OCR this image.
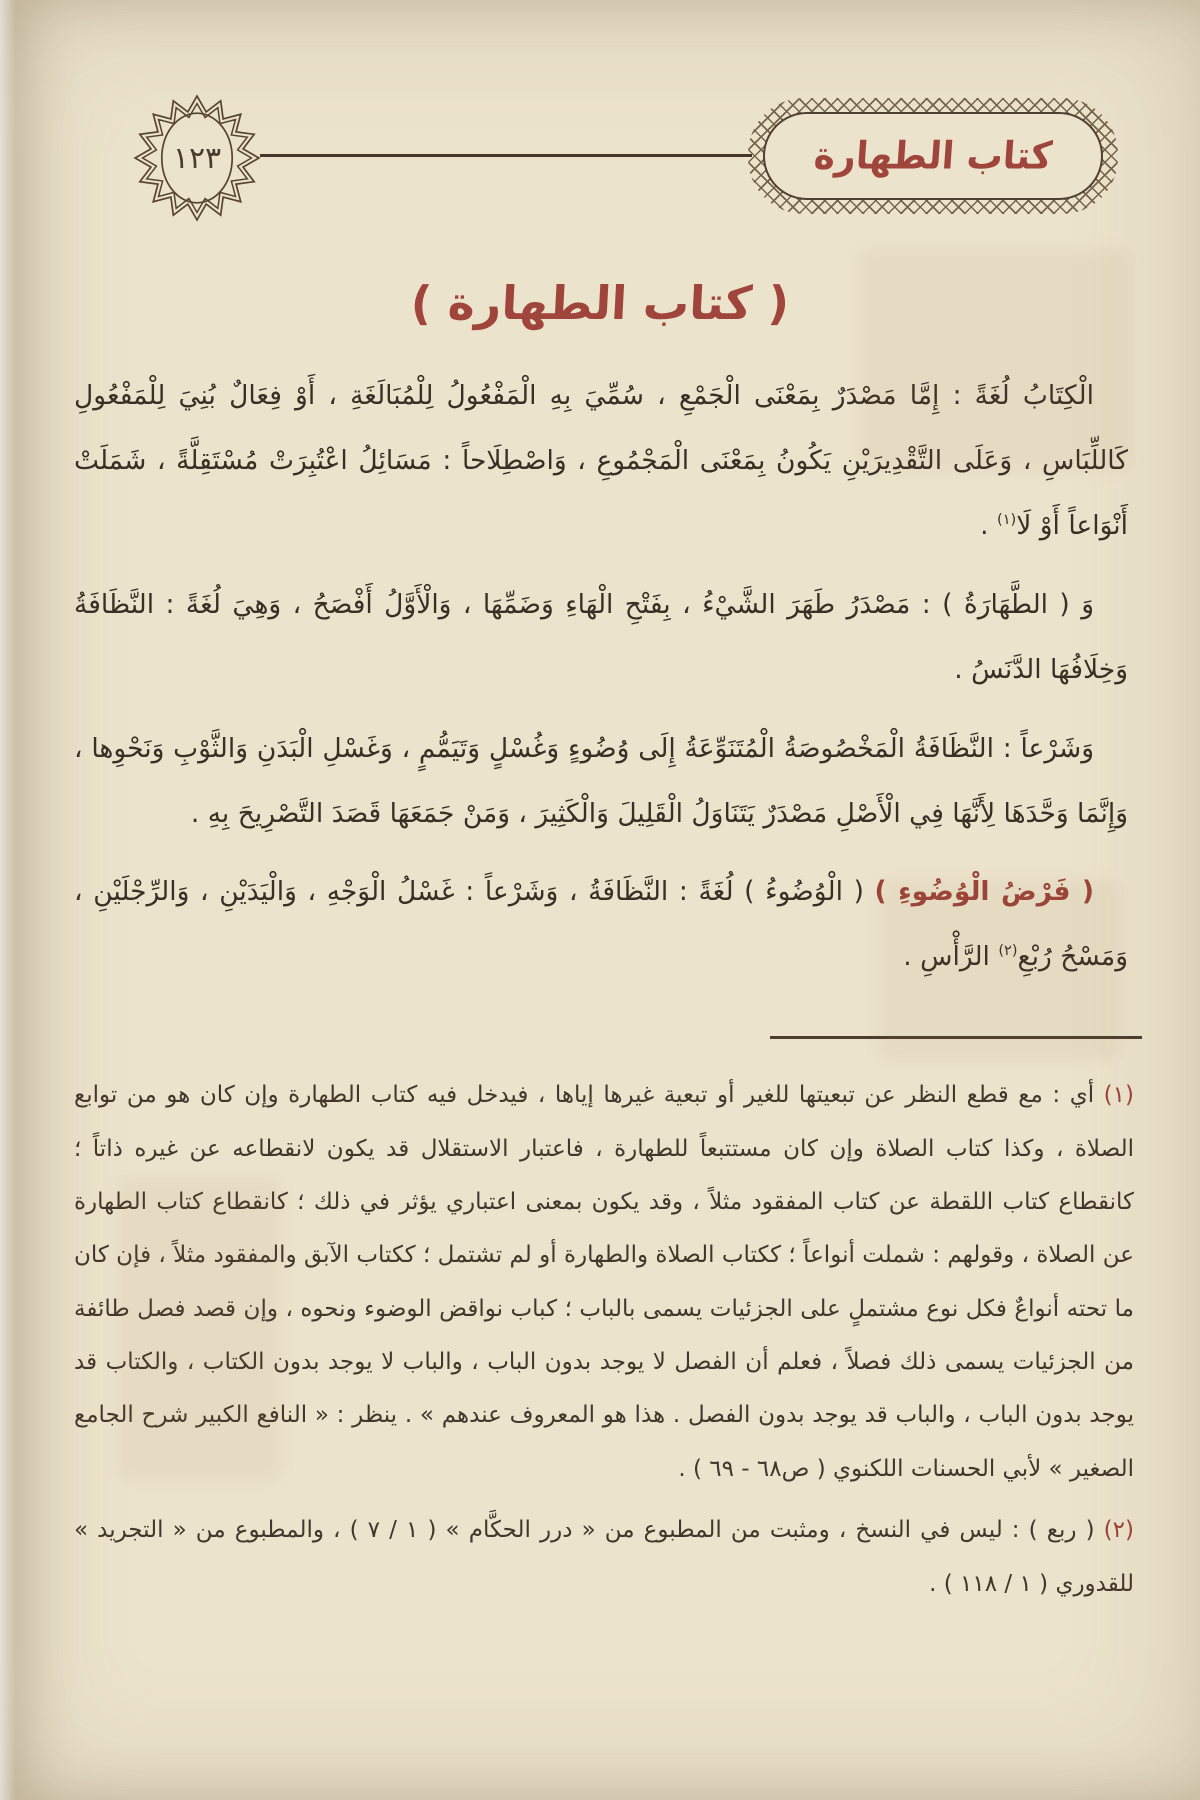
١٢٣	كتاب الطهارة
( كتاب الطهارة )

الْكِتَابُ لُغَةً : إِمَّا مَصْدَرٌ بِمَعْنَى الْجَمْعِ ، سُمِّيَ بِهِ الْمَفْعُولُ لِلْمُبَالَغَةِ ، أَوْ فِعَالٌ بُنِيَ لِلْمَفْعُولِ كَاللِّبَاسِ ، وَعَلَى التَّقْدِيرَيْنِ يَكُونُ بِمَعْنَى الْمَجْمُوعِ ، وَاصْطِلَاحاً : مَسَائِلُ اعْتُبِرَتْ مُسْتَقِلَّةً ، شَمَلَتْ أَنْوَاعاً أَوْ لَا$^{(١)}$ .

وَ ( الطَّهَارَةُ ) : مَصْدَرُ طَهَرَ الشَّيْءُ ، بِفَتْحِ الْهَاءِ وَضَمِّهَا ، وَالْأَوَّلُ أَفْصَحُ ، وَهِيَ لُغَةً : النَّظَافَةُ وَخِلَافُهَا الدَّنَسُ .

وَشَرْعاً : النَّظَافَةُ الْمَخْصُوصَةُ الْمُتَنَوِّعَةُ إِلَى وُضُوءٍ وَغُسْلٍ وَتَيَمُّمٍ ، وَغَسْلِ الْبَدَنِ وَالثَّوْبِ وَنَحْوِها ، وَإِنَّمَا وَحَّدَهَا لِأَنَّهَا فِي الْأَصْلِ مَصْدَرٌ يَتَنَاوَلُ الْقَلِيلَ وَالْكَثِيرَ ، وَمَنْ جَمَعَهَا قَصَدَ التَّصْرِيحَ بِهِ .

( فَرْضُ الْوُضُوءِ ) ( الْوُضُوءُ ) لُغَةً : النَّظَافَةُ ، وَشَرْعاً : غَسْلُ الْوَجْهِ ، وَالْيَدَيْنِ ، وَالرِّجْلَيْنِ ، وَمَسْحُ رُبْعِ$^{(٢)}$ الرَّأْسِ .

(١) أي : مع قطع النظر عن تبعيتها للغير أو تبعية غيرها إياها ، فيدخل فيه كتاب الطهارة وإن كان هو من توابع الصلاة ، وكذا كتاب الصلاة وإن كان مستتبعاً للطهارة ، فاعتبار الاستقلال قد يكون لانقطاعه عن غيره ذاتاً ؛ كانقطاع كتاب اللقطة عن كتاب المفقود مثلاً ، وقد يكون بمعنى اعتباري يؤثر في ذلك ؛ كانقطاع كتاب الطهارة عن الصلاة ، وقولهم : شملت أنواعاً ؛ ككتاب الصلاة والطهارة أو لم تشتمل ؛ ككتاب الآبق والمفقود مثلاً ، فإن كان ما تحته أنواعٌ فكل نوع مشتملٍ على الجزئيات يسمى بالباب ؛ كباب نواقض الوضوء ونحوه ، وإن قصد فصل طائفة من الجزئيات يسمى ذلك فصلاً ، فعلم أن الفصل لا يوجد بدون الباب ، والباب لا يوجد بدون الكتاب ، والكتاب قد يوجد بدون الباب ، والباب قد يوجد بدون الفصل . هذا هو المعروف عندهم » . ينظر : « النافع الكبير شرح الجامع الصغير » لأبي الحسنات اللكنوي ( ص٦٨ - ٦٩ ) .

(٢) ( ربع ) : ليس في النسخ ، ومثبت من المطبوع من « درر الحكَّام » ( ١ / ٧ ) ، والمطبوع من « التجريد » للقدوري ( ١ / ١١٨ ) .
